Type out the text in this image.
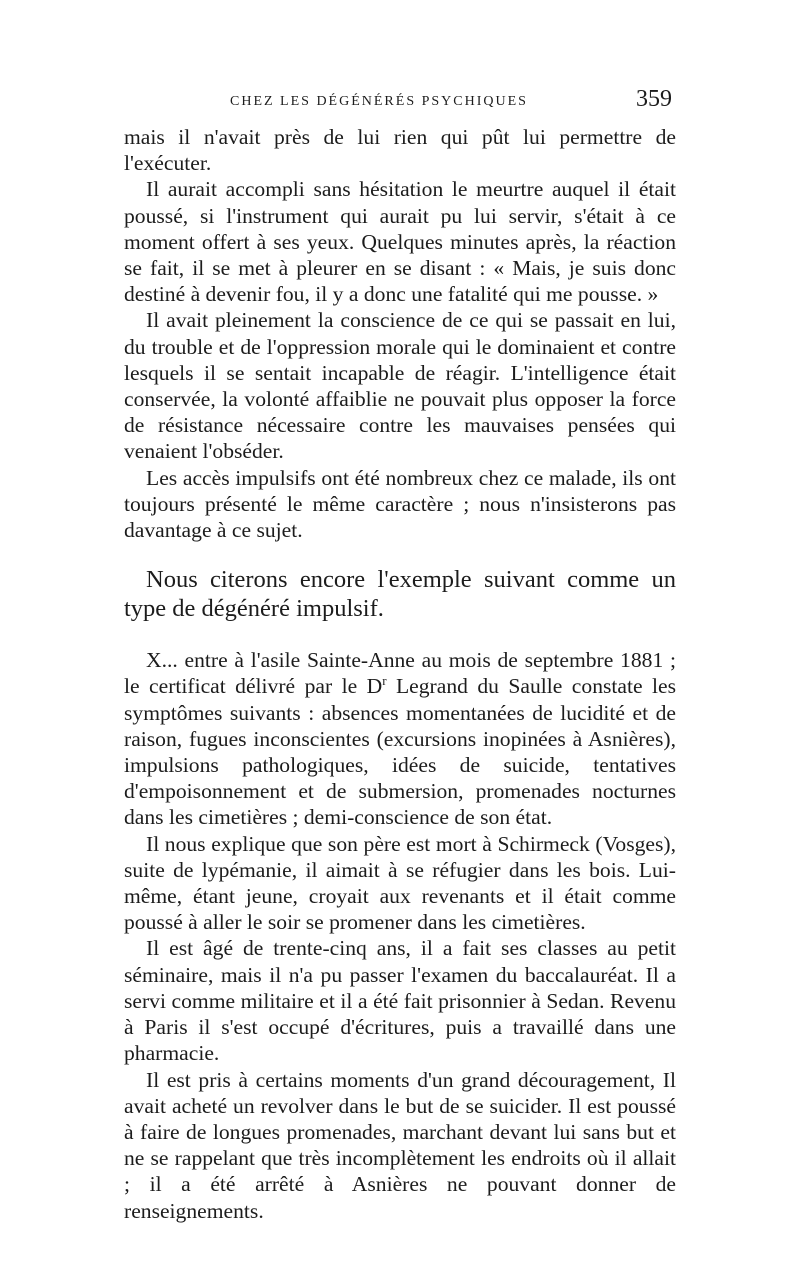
CHEZ LES DÉGÉNÉRÉS PSYCHIQUES	359

mais il n'avait près de lui rien qui pût lui permettre de l'exécuter.

Il aurait accompli sans hésitation le meurtre auquel il était poussé, si l'instrument qui aurait pu lui servir, s'était à ce moment offert à ses yeux. Quelques minutes après, la réaction se fait, il se met à pleurer en se disant : « Mais, je suis donc destiné à devenir fou, il y a donc une fatalité qui me pousse. »

Il avait pleinement la conscience de ce qui se passait en lui, du trouble et de l'oppression morale qui le dominaient et contre lesquels il se sentait incapable de réagir. L'intelligence était conservée, la volonté affaiblie ne pouvait plus opposer la force de résistance nécessaire contre les mauvaises pensées qui venaient l'obséder.

Les accès impulsifs ont été nombreux chez ce malade, ils ont toujours présenté le même caractère ; nous n'insisterons pas davantage à ce sujet.

Nous citerons encore l'exemple suivant comme un type de dégénéré impulsif.

X... entre à l'asile Sainte-Anne au mois de septembre 1881 ; le certificat délivré par le $D^r$ Legrand du Saulle constate les symptômes suivants : absences momentanées de lucidité et de raison, fugues inconscientes (excursions inopinées à Asnières), impulsions pathologiques, idées de suicide, tentatives d'empoisonnement et de submersion, promenades nocturnes dans les cimetières ; demi-conscience de son état.

Il nous explique que son père est mort à Schirmeck (Vosges), suite de lypémanie, il aimait à se réfugier dans les bois. Lui-même, étant jeune, croyait aux revenants et il était comme poussé à aller le soir se promener dans les cimetières.

Il est âgé de trente-cinq ans, il a fait ses classes au petit séminaire, mais il n'a pu passer l'examen du baccalauréat. Il a servi comme militaire et il a été fait prisonnier à Sedan. Revenu à Paris il s'est occupé d'écritures, puis a travaillé dans une pharmacie.

Il est pris à certains moments d'un grand découragement, Il avait acheté un revolver dans le but de se suicider. Il est poussé à faire de longues promenades, marchant devant lui sans but et ne se rappelant que très incomplètement les endroits où il allait ; il a été arrêté à Asnières ne pouvant donner de renseignements.
